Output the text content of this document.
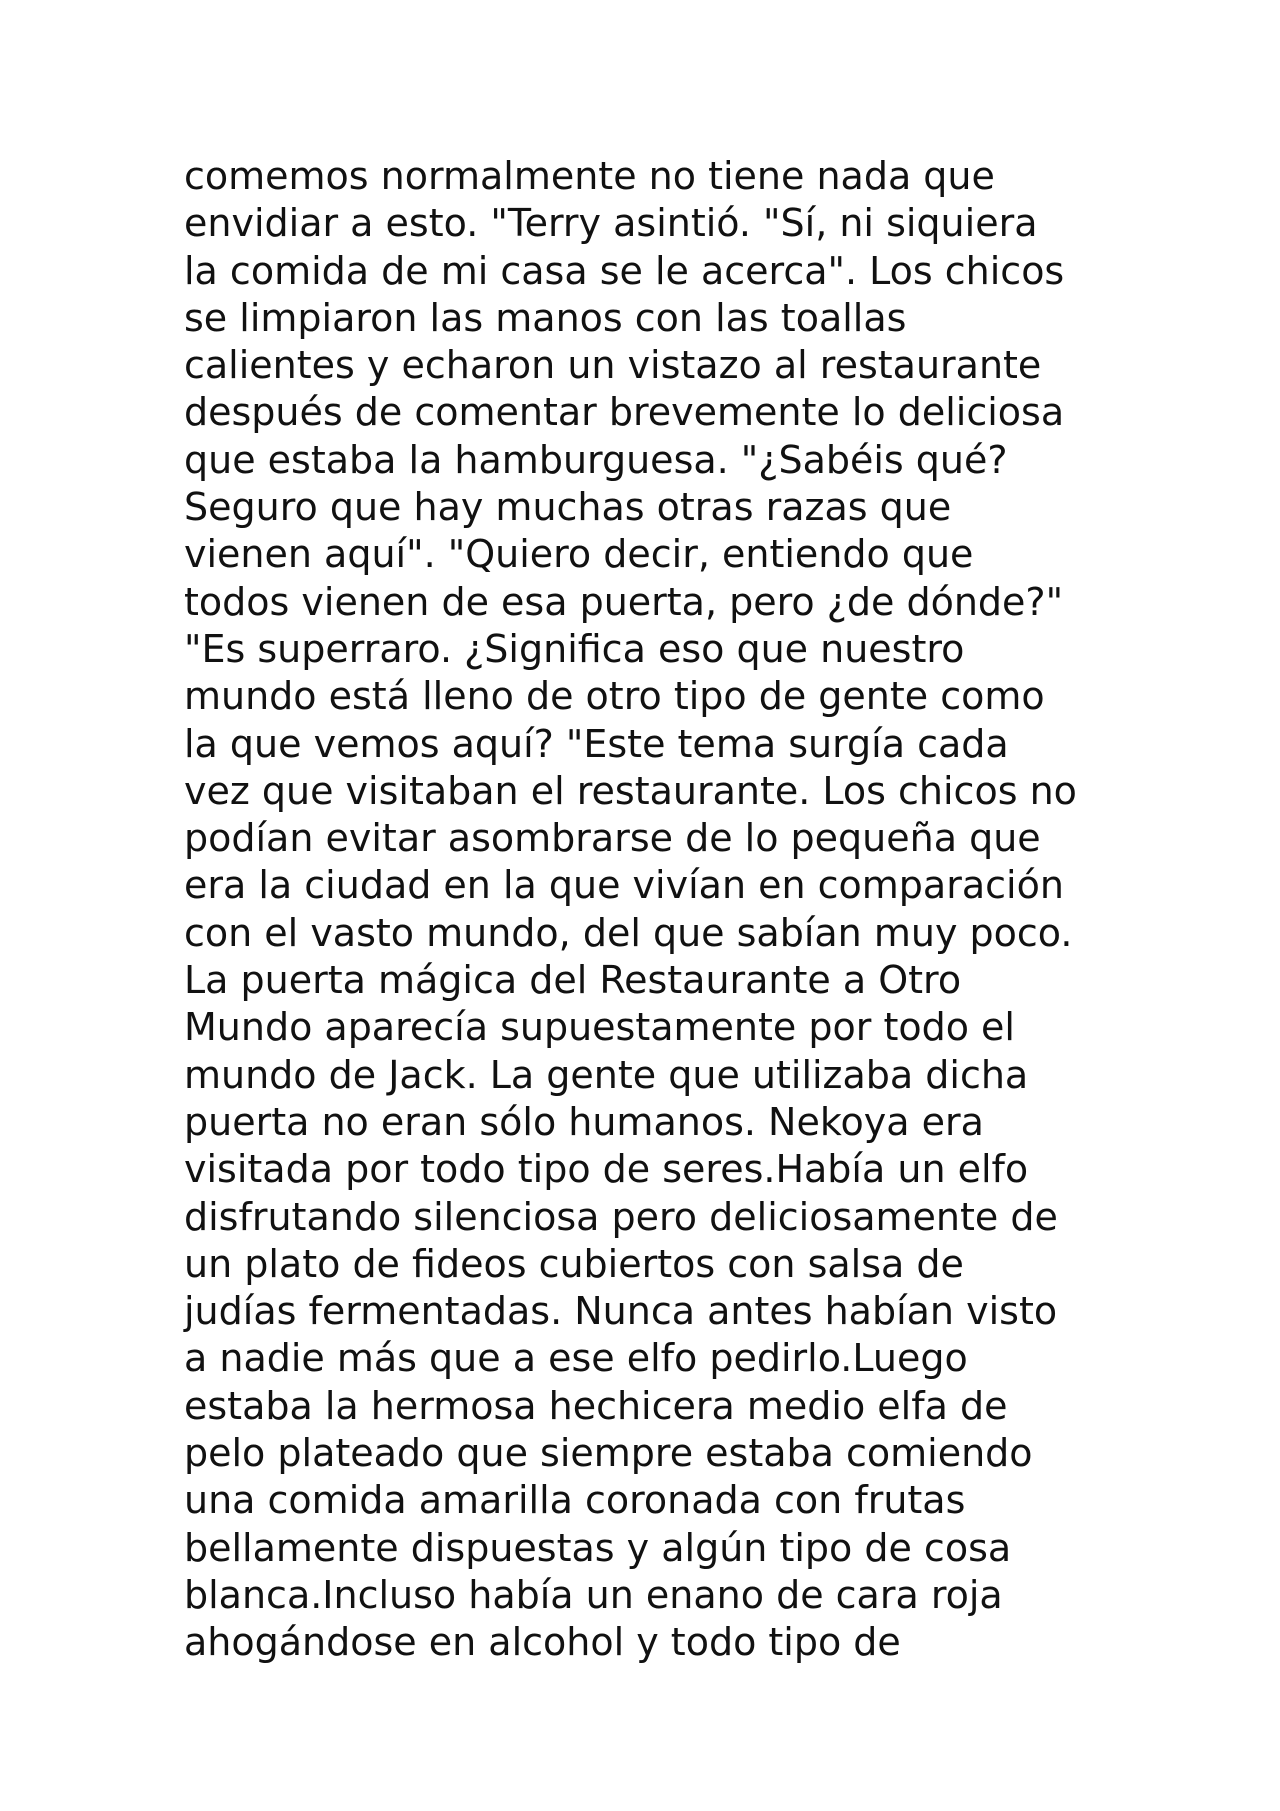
comemos normalmente no tiene nada que
envidiar a esto. "Terry asintió. "Sí, ni siquiera
la comida de mi casa se le acerca". Los chicos
se limpiaron las manos con las toallas
calientes y echaron un vistazo al restaurante
después de comentar brevemente lo deliciosa
que estaba la hamburguesa. "¿Sabéis qué?
Seguro que hay muchas otras razas que
vienen aquí". "Quiero decir, entiendo que
todos vienen de esa puerta, pero ¿de dónde?"
"Es superraro. ¿Significa eso que nuestro
mundo está lleno de otro tipo de gente como
la que vemos aquí? "Este tema surgía cada
vez que visitaban el restaurante. Los chicos no
podían evitar asombrarse de lo pequeña que
era la ciudad en la que vivían en comparación
con el vasto mundo, del que sabían muy poco.
La puerta mágica del Restaurante a Otro
Mundo aparecía supuestamente por todo el
mundo de Jack. La gente que utilizaba dicha
puerta no eran sólo humanos. Nekoya era
visitada por todo tipo de seres.Había un elfo
disfrutando silenciosa pero deliciosamente de
un plato de fideos cubiertos con salsa de
judías fermentadas. Nunca antes habían visto
a nadie más que a ese elfo pedirlo.Luego
estaba la hermosa hechicera medio elfa de
pelo plateado que siempre estaba comiendo
una comida amarilla coronada con frutas
bellamente dispuestas y algún tipo de cosa
blanca.Incluso había un enano de cara roja
ahogándose en alcohol y todo tipo de
